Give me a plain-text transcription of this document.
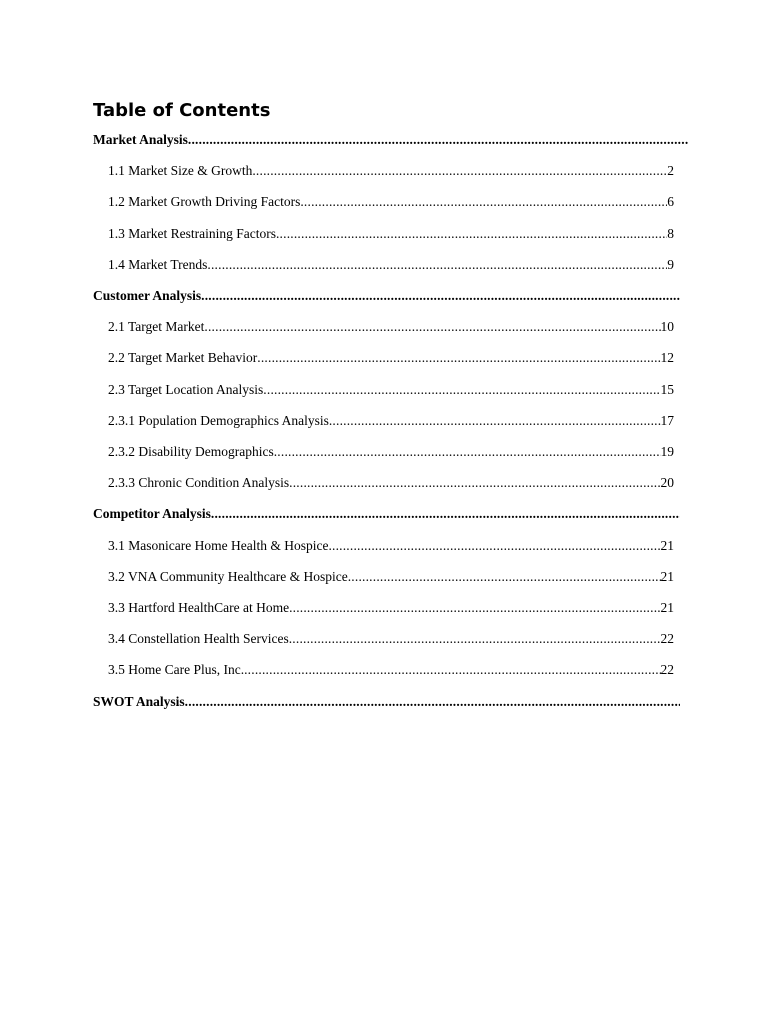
Table of Contents
Market Analysis
.....
1.1 Market Size & Growth .....	2
1.2 Market Growth Driving Factors .....	6
1.3 Market Restraining Factors .....	8
1.4 Market Trends .....	9
Customer Analysis
.....
2.1 Target Market .....	10
2.2 Target Market Behavior .....	12
2.3 Target Location Analysis .....	15
2.3.1 Population Demographics Analysis .....	17
2.3.2 Disability Demographics .....	19
2.3.3 Chronic Condition Analysis .....	20
Competitor Analysis
.....
3.1 Masonicare Home Health & Hospice .....	21
3.2 VNA Community Healthcare & Hospice .....	21
3.3 Hartford HealthCare at Home .....	21
3.4 Constellation Health Services .....	22
3.5 Home Care Plus, Inc. .....	22
SWOT Analysis
.....
